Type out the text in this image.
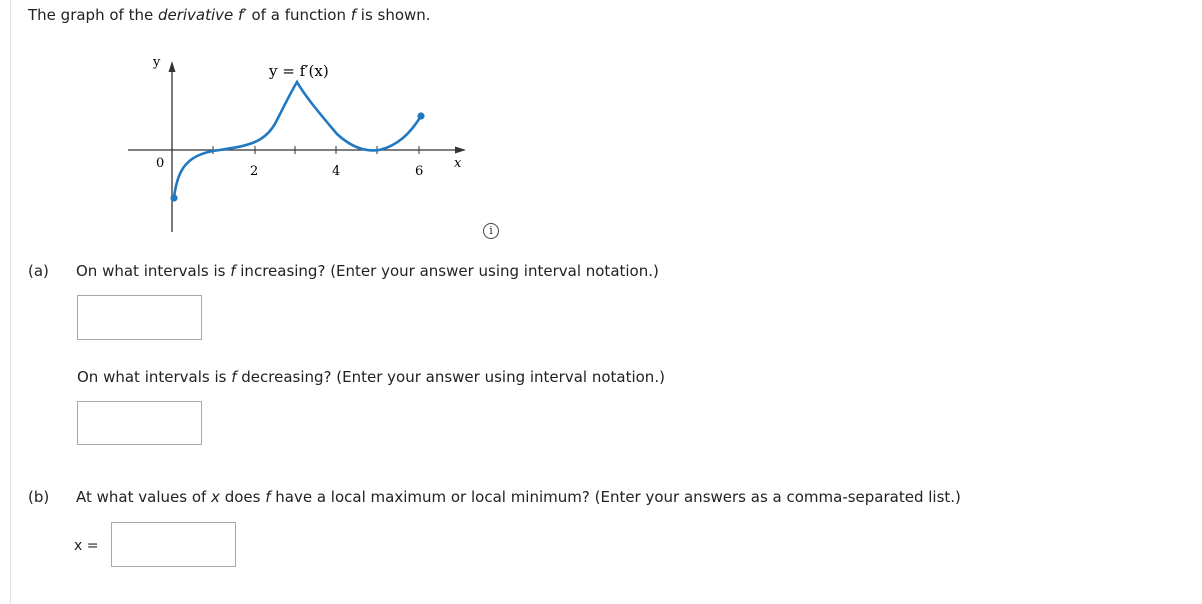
The graph of the derivative f′ of a function f is shown.
y	y = f′(x)
0
2	4	6
x
i
(a) On what intervals is f increasing? (Enter your answer using interval notation.)
On what intervals is f decreasing? (Enter your answer using interval notation.)
(b) At what values of x does f have a local maximum or local minimum? (Enter your answers as a comma-separated list.)
x =
